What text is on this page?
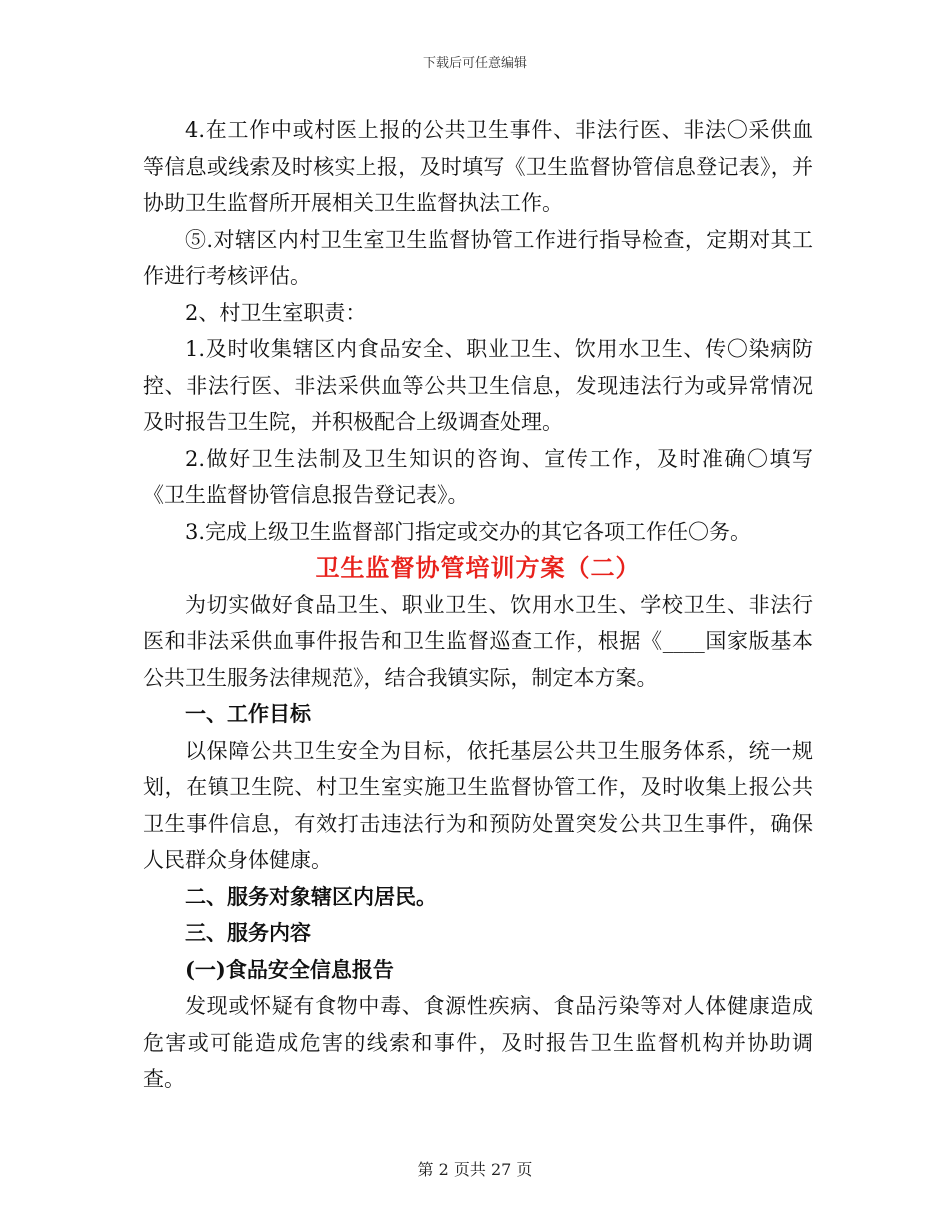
下载后可任意编辑

4.在工作中或村医上报的公共卫生事件、非法行医、非法〇采供血等信息或线索及时核实上报，及时填写《卫生监督协管信息登记表》，并协助卫生监督所开展相关卫生监督执法工作。

⑤.对辖区内村卫生室卫生监督协管工作进行指导检查，定期对其工作进行考核评估。

2、村卫生室职责：

1.及时收集辖区内食品安全、职业卫生、饮用水卫生、传〇染病防控、非法行医、非法采供血等公共卫生信息，发现违法行为或异常情况及时报告卫生院，并积极配合上级调查处理。

2.做好卫生法制及卫生知识的咨询、宣传工作，及时准确〇填写《卫生监督协管信息报告登记表》。

3.完成上级卫生监督部门指定或交办的其它各项工作任〇务。

卫生监督协管培训方案（二）

为切实做好食品卫生、职业卫生、饮用水卫生、学校卫生、非法行医和非法采供血事件报告和卫生监督巡查工作，根据《____国家版基本公共卫生服务法律规范》，结合我镇实际，制定本方案。

一、工作目标

以保障公共卫生安全为目标，依托基层公共卫生服务体系，统一规划，在镇卫生院、村卫生室实施卫生监督协管工作，及时收集上报公共卫生事件信息，有效打击违法行为和预防处置突发公共卫生事件，确保人民群众身体健康。

二、服务对象辖区内居民。

三、服务内容

(一)食品安全信息报告

发现或怀疑有食物中毒、食源性疾病、食品污染等对人体健康造成危害或可能造成危害的线索和事件，及时报告卫生监督机构并协助调查。

第 2 页共 27 页
